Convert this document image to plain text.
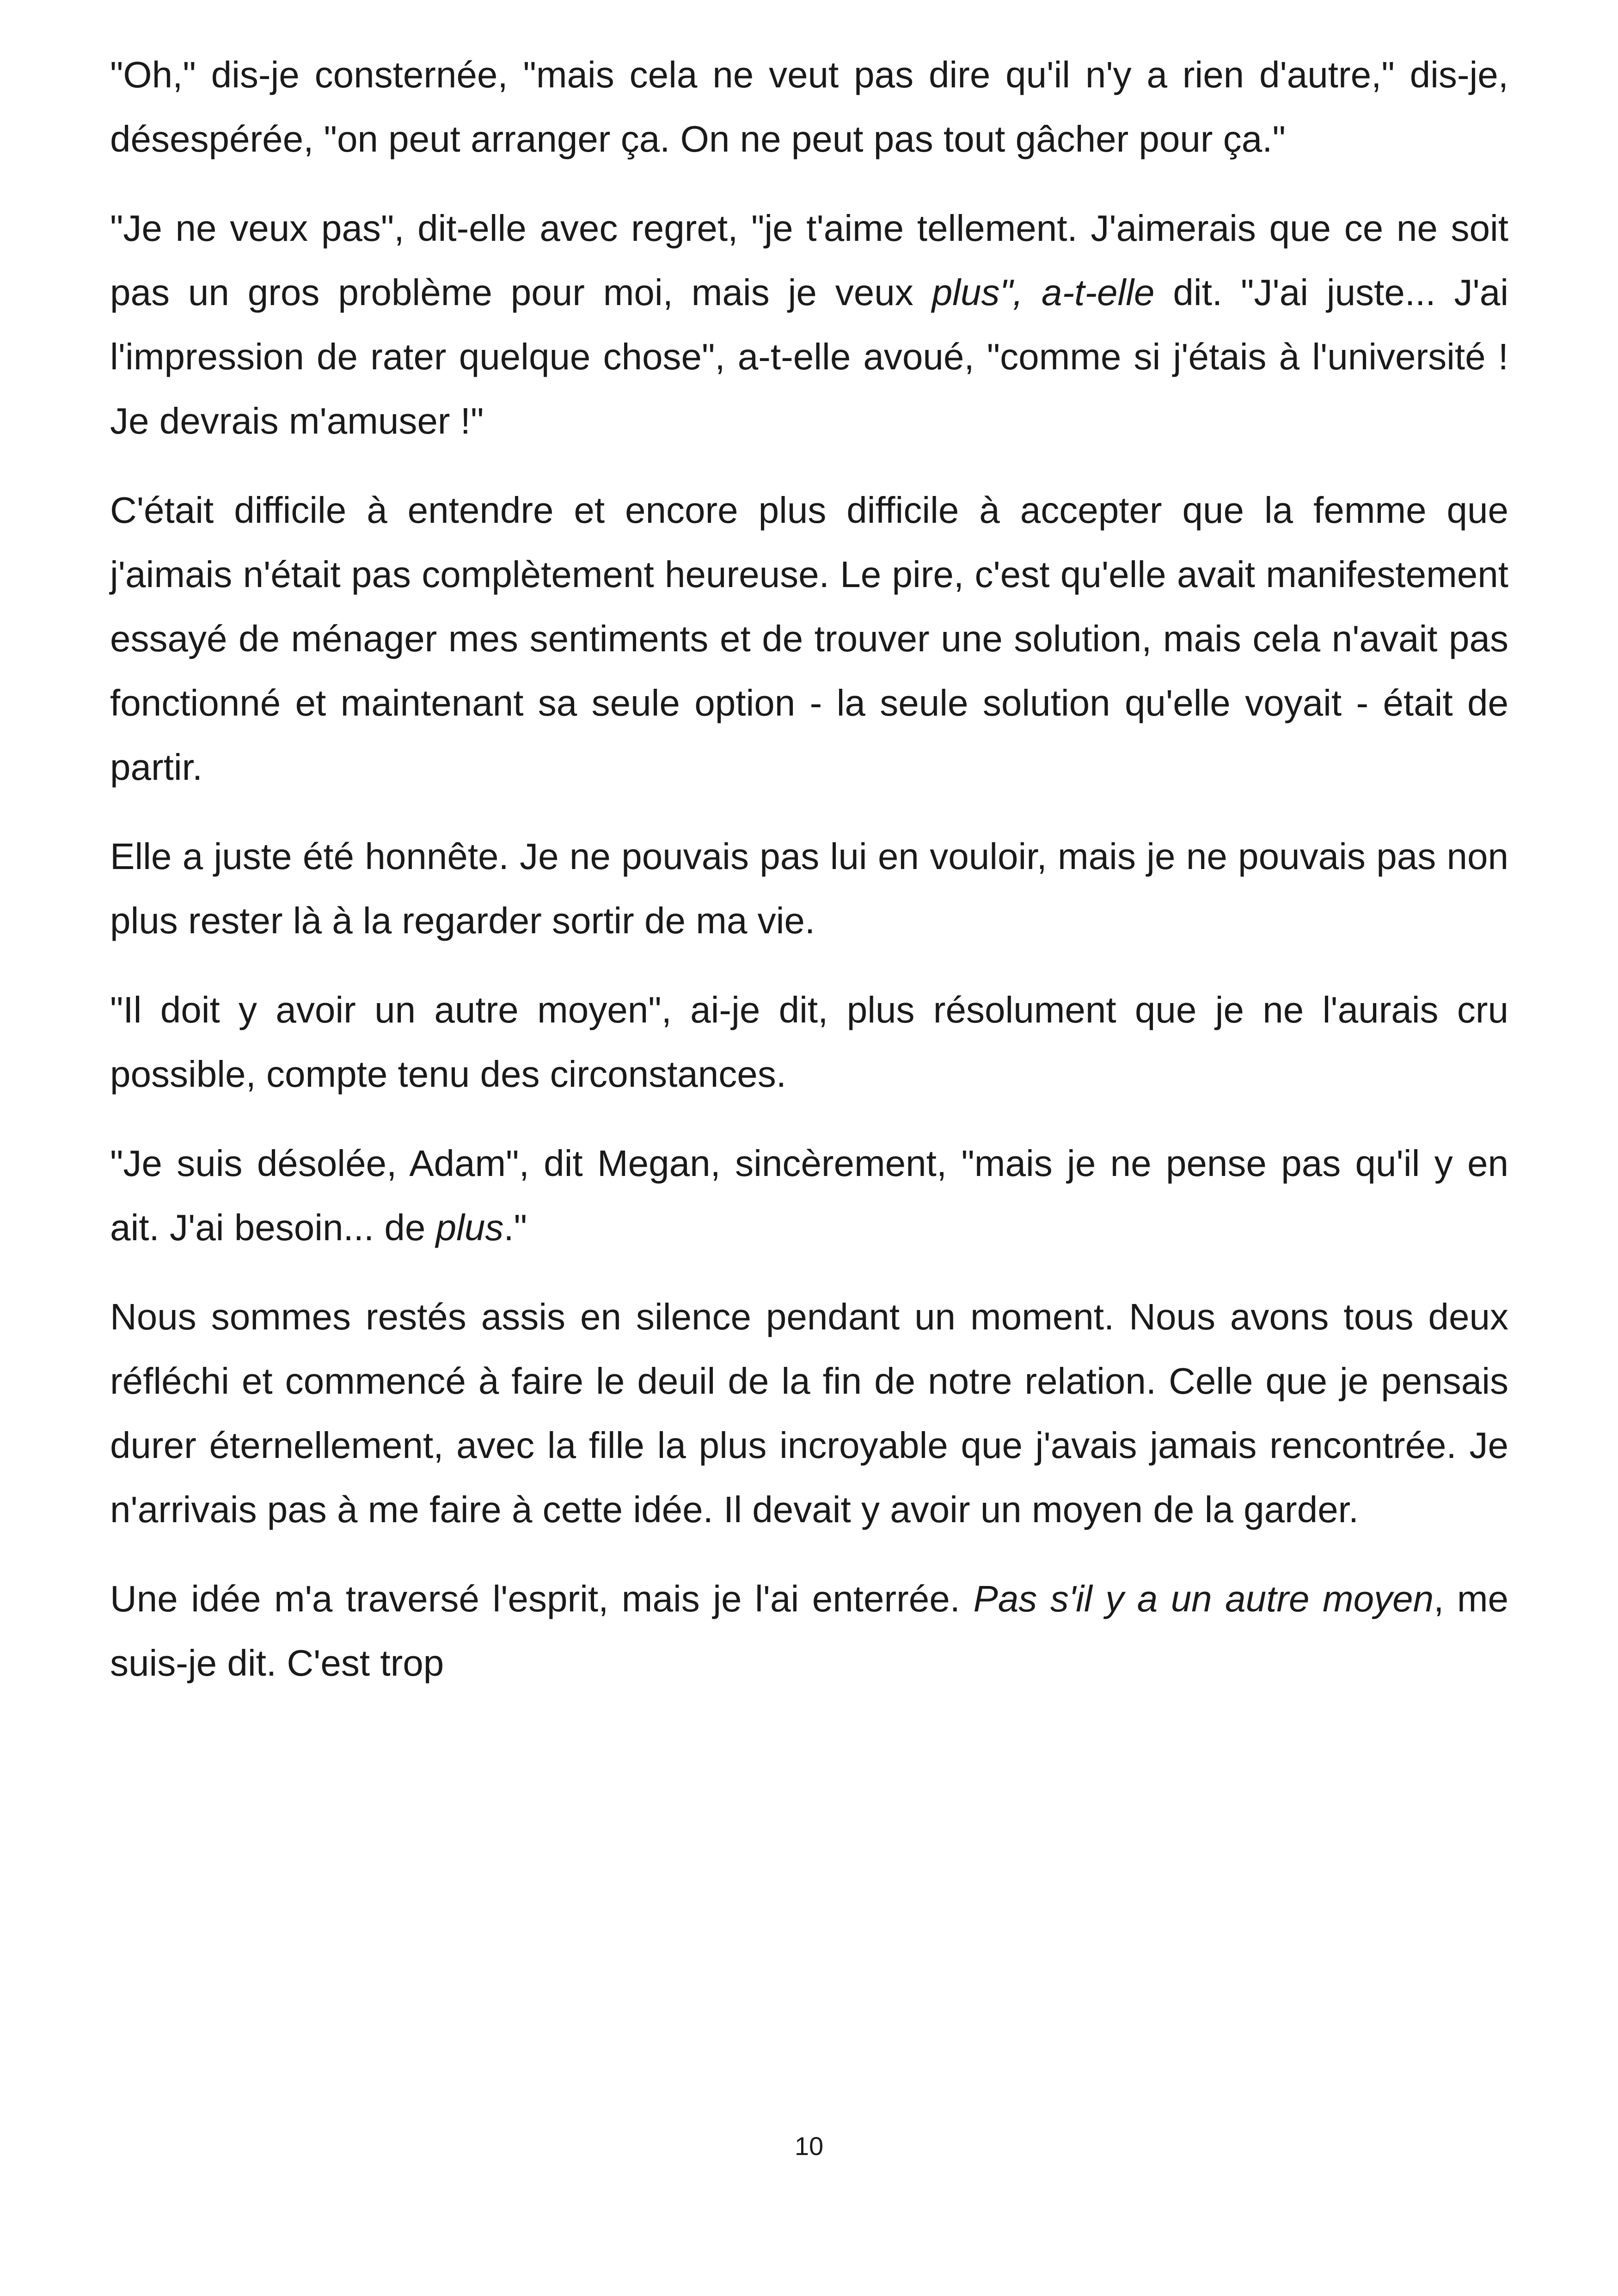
"Oh," dis-je consternée, "mais cela ne veut pas dire qu'il n'y a rien d'autre," dis-je, désespérée, "on peut arranger ça. On ne peut pas tout gâcher pour ça."

"Je ne veux pas", dit-elle avec regret, "je t'aime tellement. J'aimerais que ce ne soit pas un gros problème pour moi, mais je veux plus", a-t-elle dit. "J'ai juste... J'ai l'impression de rater quelque chose", a-t-elle avoué, "comme si j'étais à l'université ! Je devrais m'amuser !"

C'était difficile à entendre et encore plus difficile à accepter que la femme que j'aimais n'était pas complètement heureuse. Le pire, c'est qu'elle avait manifestement essayé de ménager mes sentiments et de trouver une solution, mais cela n'avait pas fonctionné et maintenant sa seule option - la seule solution qu'elle voyait - était de partir.

Elle a juste été honnête. Je ne pouvais pas lui en vouloir, mais je ne pouvais pas non plus rester là à la regarder sortir de ma vie.

"Il doit y avoir un autre moyen", ai-je dit, plus résolument que je ne l'aurais cru possible, compte tenu des circonstances.

"Je suis désolée, Adam", dit Megan, sincèrement, "mais je ne pense pas qu'il y en ait. J'ai besoin... de plus."

Nous sommes restés assis en silence pendant un moment. Nous avons tous deux réfléchi et commencé à faire le deuil de la fin de notre relation. Celle que je pensais durer éternellement, avec la fille la plus incroyable que j'avais jamais rencontrée. Je n'arrivais pas à me faire à cette idée. Il devait y avoir un moyen de la garder.

Une idée m'a traversé l'esprit, mais je l'ai enterrée. Pas s'il y a un autre moyen, me suis-je dit. C'est trop

10
